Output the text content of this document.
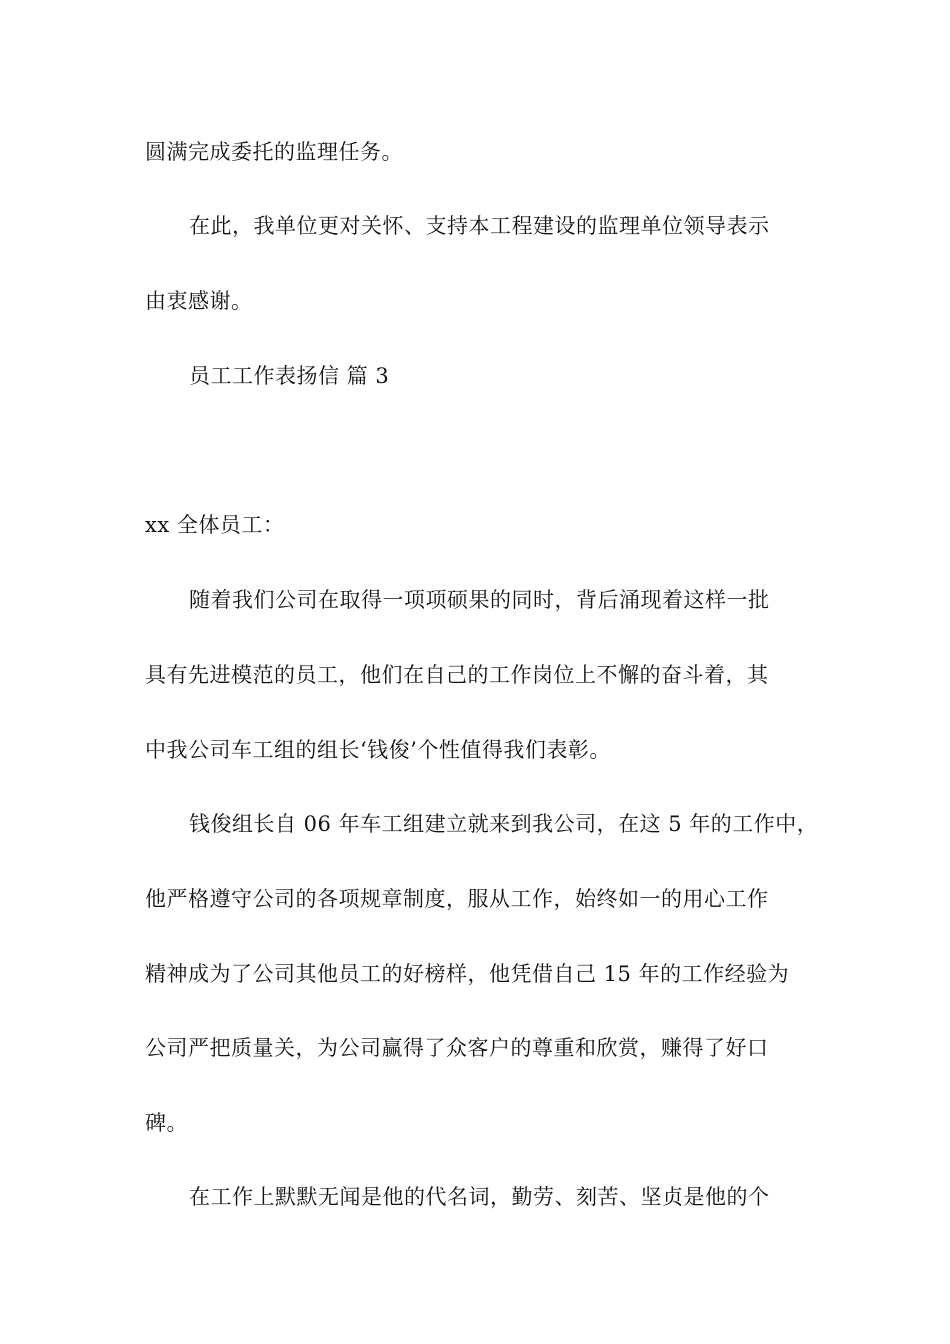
圆满完成委托的监理任务。
在此，我单位更对关怀、支持本工程建设的监理单位领导表示
由衷感谢。
员工工作表扬信 篇 3
xx 全体员工：
随着我们公司在取得一项项硕果的同时，背后涌现着这样一批
具有先进模范的员工，他们在自己的工作岗位上不懈的奋斗着，其
中我公司车工组的组长‘钱俊’个性值得我们表彰。
钱俊组长自 06 年车工组建立就来到我公司，在这 5 年的工作中，
他严格遵守公司的各项规章制度，服从工作，始终如一的用心工作
精神成为了公司其他员工的好榜样，他凭借自己 15 年的工作经验为
公司严把质量关，为公司赢得了众客户的尊重和欣赏，赚得了好口
碑。
在工作上默默无闻是他的代名词，勤劳、刻苦、坚贞是他的个
